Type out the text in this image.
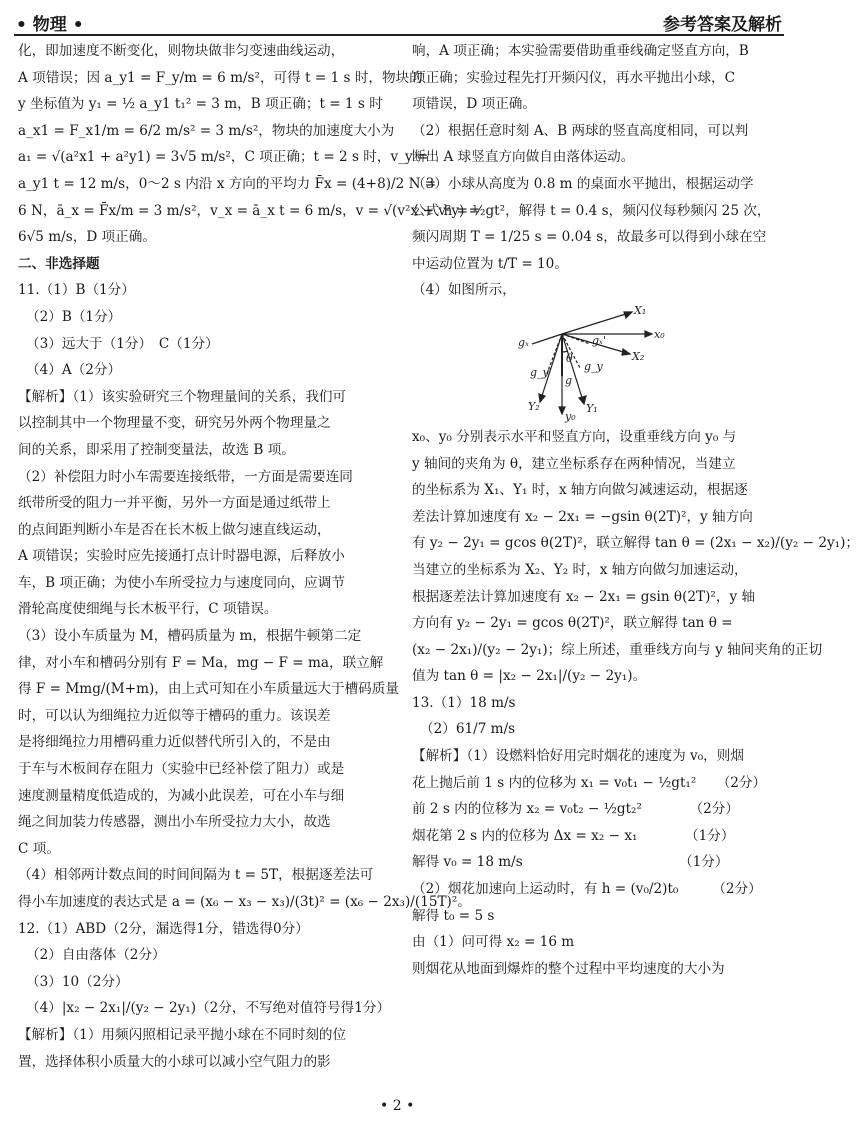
• 物理 •	参考答案及解析
化，即加速度不断变化，则物块做非匀变速曲线运动，
A 项错误；因 a_y1 = F_y/m = 6 m/s²，可得 t = 1 s 时，物块的
y 坐标值为 y₁ = ½ a_y1 t₁² = 3 m，B 项正确；t = 1 s 时
a_x1 = F_x1/m = 6/2 m/s² = 3 m/s²，物块的加速度大小为
a₁ = √(a²x1 + a²y1) = 3√5 m/s²，C 项正确；t = 2 s 时，v_y =
a_y1 t = 12 m/s，0～2 s 内沿 x 方向的平均力 F̄x = (4+8)/2 N =
6 N，ā_x = F̄x/m = 3 m/s²，v_x = ā_x t = 6 m/s，v = √(v²x + v²y) =
6√5 m/s，D 项正确。
二、非选择题
11.（1）B（1分）
（2）B（1分）
（3）远大于（1分）　C（1分）
（4）A（2分）
【解析】（1）该实验研究三个物理量间的关系，我们可
以控制其中一个物理量不变，研究另外两个物理量之
间的关系，即采用了控制变量法，故选 B 项。
（2）补偿阻力时小车需要连接纸带，一方面是需要连同
纸带所受的阻力一并平衡，另外一方面是通过纸带上
的点间距判断小车是否在长木板上做匀速直线运动，
A 项错误；实验时应先接通打点计时器电源，后释放小
车，B 项正确；为使小车所受拉力与速度同向，应调节
滑轮高度使细绳与长木板平行，C 项错误。
（3）设小车质量为 M，槽码质量为 m，根据牛顿第二定
律，对小车和槽码分别有 F = Ma，mg − F = ma，联立解
得 F = Mmg/(M+m)，由上式可知在小车质量远大于槽码质量
时，可以认为细绳拉力近似等于槽码的重力。该误差
是将细绳拉力用槽码重力近似替代所引入的，不是由
于车与木板间存在阻力（实验中已经补偿了阻力）或是
速度测量精度低造成的，为减小此误差，可在小车与细
绳之间加装力传感器，测出小车所受拉力大小，故选
C 项。
（4）相邻两计数点间的时间间隔为 t = 5T，根据逐差法可
得小车加速度的表达式是 a = (x₆ − x₃ − x₃)/(3t)² = (x₆ − 2x₃)/(15T)²。
12.（1）ABD（2分，漏选得1分，错选得0分）
（2）自由落体（2分）
（3）10（2分）
（4）|x₂ − 2x₁|/(y₂ − 2y₁)（2分，不写绝对值符号得1分）
【解析】（1）用频闪照相记录平抛小球在不同时刻的位
置，选择体积小质量大的小球可以减小空气阻力的影
响，A 项正确；本实验需要借助重垂线确定竖直方向，B
项正确；实验过程先打开频闪仪，再水平抛出小球，C
项错误，D 项正确。
（2）根据任意时刻 A、B 两球的竖直高度相同，可以判
断出 A 球竖直方向做自由落体运动。
（3）小球从高度为 0.8 m 的桌面水平抛出，根据运动学
公式 h = ½gt²，解得 t = 0.4 s，频闪仪每秒频闪 25 次，
频闪周期 T = 1/25 s = 0.04 s，故最多可以得到小球在空
中运动位置为 t/T = 10。
（4）如图所示，
x₀
y₀
X₁
Y₁
X₂
Y₂
g
gₓ
g_y
gₓ'
g_y'
θ
x₀、y₀ 分别表示水平和竖直方向，设重垂线方向 y₀ 与
y 轴间的夹角为 θ，建立坐标系存在两种情况，当建立
的坐标系为 X₁、Y₁ 时，x 轴方向做匀减速运动，根据逐
差法计算加速度有 x₂ − 2x₁ = −gsin θ(2T)²，y 轴方向
有 y₂ − 2y₁ = gcos θ(2T)²，联立解得 tan θ = (2x₁ − x₂)/(y₂ − 2y₁)；
当建立的坐标系为 X₂、Y₂ 时，x 轴方向做匀加速运动，
根据逐差法计算加速度有 x₂ − 2x₁ = gsin θ(2T)²，y 轴
方向有 y₂ − 2y₁ = gcos θ(2T)²，联立解得 tan θ =
(x₂ − 2x₁)/(y₂ − 2y₁)；综上所述，重垂线方向与 y 轴间夹角的正切
值为 tan θ = |x₂ − 2x₁|/(y₂ − 2y₁)。
13.（1）18 m/s
（2）61/7 m/s
【解析】（1）设燃料恰好用完时烟花的速度为 v₀，则烟
花上抛后前 1 s 内的位移为 x₁ = v₀t₁ − ½gt₁²　　（2分）
前 2 s 内的位移为 x₂ = v₀t₂ − ½gt₂²　　　　（2分）
烟花第 2 s 内的位移为 Δx = x₂ − x₁　　　　（1分）
解得 v₀ = 18 m/s　　　　　　　　　　　　（1分）
（2）烟花加速向上运动时，有 h = (v₀/2)t₀　　　（2分）
解得 t₀ = 5 s
由（1）问可得 x₂ = 16 m
则烟花从地面到爆炸的整个过程中平均速度的大小为
• 2 •
